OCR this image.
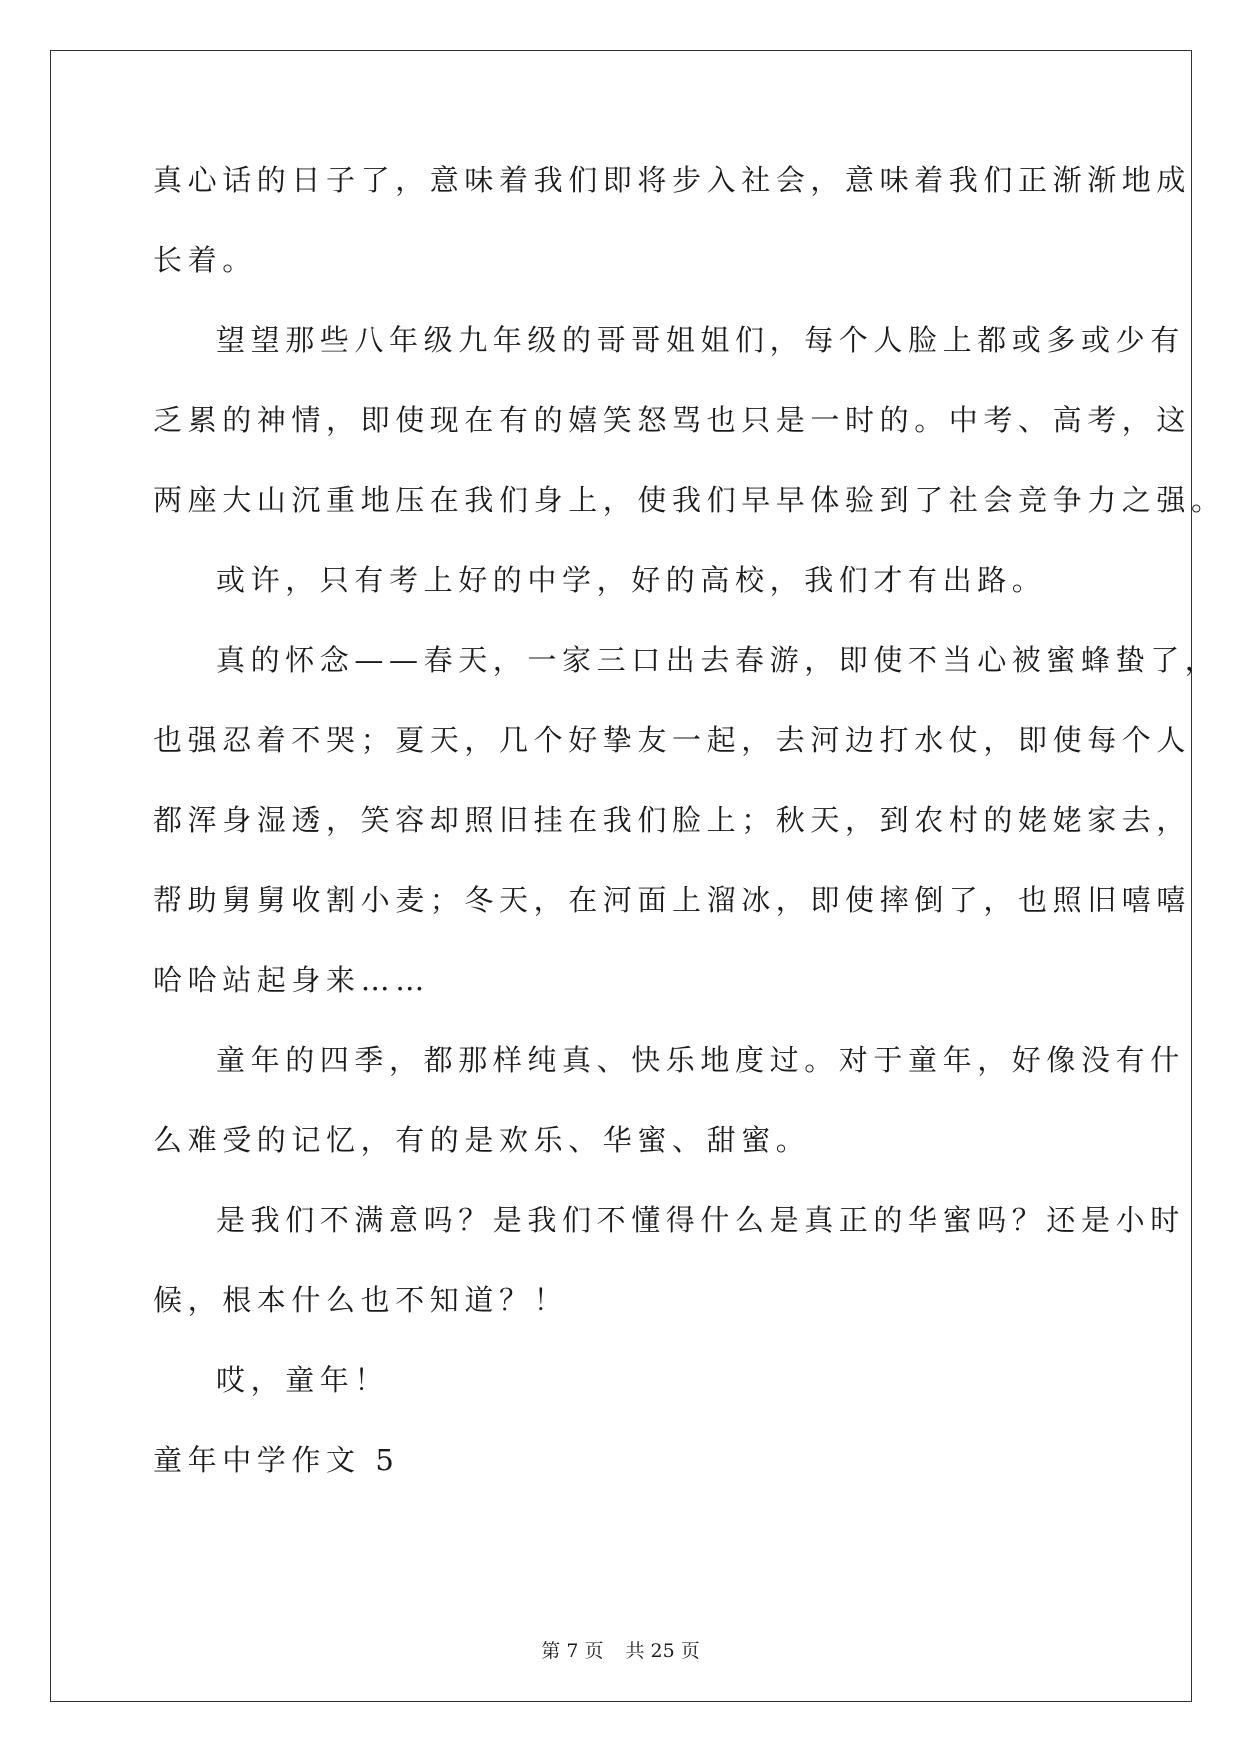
真心话的日子了，意味着我们即将步入社会，意味着我们正渐渐地成
长着。
望望那些八年级九年级的哥哥姐姐们，每个人脸上都或多或少有
乏累的神情，即使现在有的嬉笑怒骂也只是一时的。中考、高考，这
两座大山沉重地压在我们身上，使我们早早体验到了社会竞争力之强。
或许，只有考上好的中学，好的高校，我们才有出路。
真的怀念——春天，一家三口出去春游，即使不当心被蜜蜂蛰了，
也强忍着不哭；夏天，几个好挚友一起，去河边打水仗，即使每个人
都浑身湿透，笑容却照旧挂在我们脸上；秋天，到农村的姥姥家去，
帮助舅舅收割小麦；冬天，在河面上溜冰，即使摔倒了，也照旧嘻嘻
哈哈站起身来……
童年的四季，都那样纯真、快乐地度过。对于童年，好像没有什
么难受的记忆，有的是欢乐、华蜜、甜蜜。
是我们不满意吗？是我们不懂得什么是真正的华蜜吗？还是小时
候，根本什么也不知道？！
哎，童年！
童年中学作文 5
第 7 页 共 25 页
